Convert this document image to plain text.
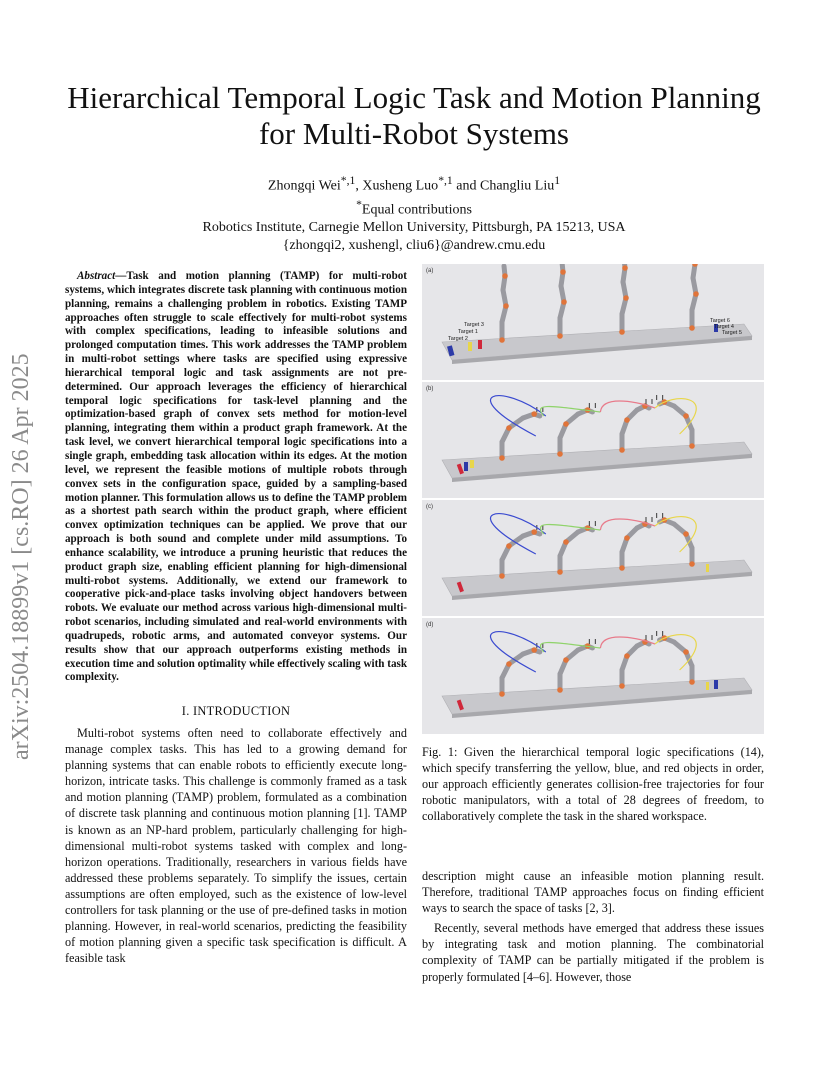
Hierarchical Temporal Logic Task and Motion Planning for Multi-Robot Systems
Zhongqi Wei$^{*,1}$, Xusheng Luo$^{*,1}$ and Changliu Liu$^1$
*Equal contributions
Robotics Institute, Carnegie Mellon University, Pittsburgh, PA 15213, USA
{zhongqi2, xushengl, cliu6}@andrew.cmu.edu
arXiv:2504.18899v1 [cs.RO] 26 Apr 2025
Abstract—Task and motion planning (TAMP) for multi-robot systems, which integrates discrete task planning with continuous motion planning, remains a challenging problem in robotics. Existing TAMP approaches often struggle to scale effectively for multi-robot systems with complex specifications, leading to infeasible solutions and prolonged computation times. This work addresses the TAMP problem in multi-robot settings where tasks are specified using expressive hierarchical temporal logic and task assignments are not pre-determined. Our approach leverages the efficiency of hierarchical temporal logic specifications for task-level planning and the optimization-based graph of convex sets method for motion-level planning, integrating them within a product graph framework. At the task level, we convert hierarchical temporal logic specifications into a single graph, embedding task allocation within its edges. At the motion level, we represent the feasible motions of multiple robots through convex sets in the configuration space, guided by a sampling-based motion planner. This formulation allows us to define the TAMP problem as a shortest path search within the product graph, where efficient convex optimization techniques can be applied. We prove that our approach is both sound and complete under mild assumptions. To enhance scalability, we introduce a pruning heuristic that reduces the product graph size, enabling efficient planning for high-dimensional multi-robot systems. Additionally, we extend our framework to cooperative pick-and-place tasks involving object handovers between robots. We evaluate our method across various high-dimensional multi-robot scenarios, including simulated and real-world environments with quadrupeds, robotic arms, and automated conveyor systems. Our results show that our approach outperforms existing methods in execution time and solution optimality while effectively scaling with task complexity.
I. INTRODUCTION
Multi-robot systems often need to collaborate effectively and manage complex tasks. This has led to a growing demand for planning systems that can enable robots to efficiently execute long-horizon, intricate tasks. This challenge is commonly framed as a task and motion planning (TAMP) problem, formulated as a combination of discrete task planning and continuous motion planning [1]. TAMP is known as an NP-hard problem, particularly challenging for high-dimensional multi-robot systems tasked with complex and long-horizon operations. Traditionally, researchers in various fields have addressed these problems separately. To simplify the issues, certain assumptions are often employed, such as the existence of low-level controllers for task planning or the use of pre-defined tasks in motion planning. However, in real-world scenarios, predicting the feasibility of motion planning given a specific task specification is difficult. A feasible task
(a)
Target 1
Target 2
Target 3	Target 4
Target 5
Target 6
(b)
(c)
(d)
Fig. 1: Given the hierarchical temporal logic specifications (14), which specify transferring the yellow, blue, and red objects in order, our approach efficiently generates collision-free trajectories for four robotic manipulators, with a total of 28 degrees of freedom, to collaboratively complete the task in the shared workspace.

description might cause an infeasible motion planning result. Therefore, traditional TAMP approaches focus on finding efficient ways to search the space of tasks [2, 3].

Recently, several methods have emerged that address these issues by integrating task and motion planning. The combinatorial complexity of TAMP can be partially mitigated if the problem is properly formulated [4–6]. However, those
